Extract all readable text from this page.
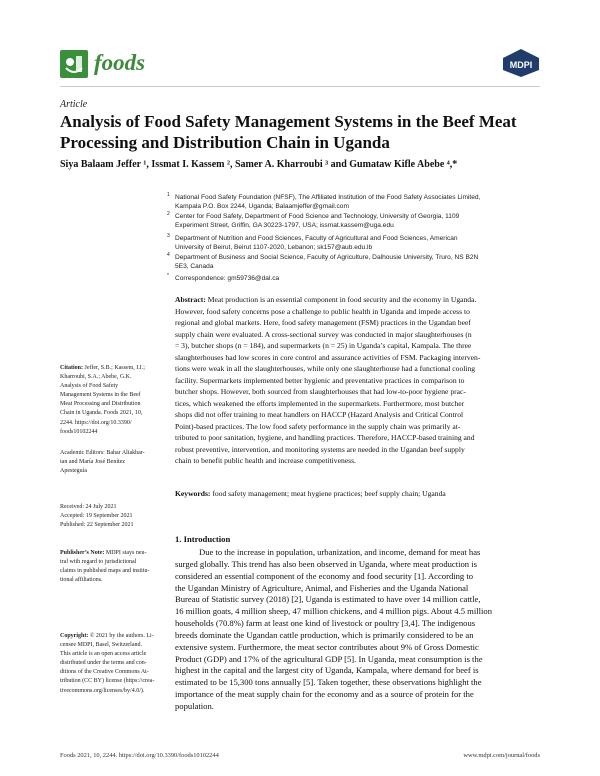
foods	MDPI
Article
Analysis of Food Safety Management Systems in the Beef Meat
Processing and Distribution Chain in Uganda
Siya Balaam Jeffer ¹, Issmat I. Kassem ², Samer A. Kharroubi ³ and Gumataw Kifle Abebe ⁴,*
1 National Food Safety Foundation (NFSF), The Affiliated Institution of the Food Safety Associates Limited,
Kampala P.O. Box 2244, Uganda; Balaamjeffer@gmail.com
2 Center for Food Safety, Department of Food Science and Technology, University of Georgia, 1109
Experiment Street, Griffin, GA 30223-1797, USA; issmat.kassem@uga.edu
3 Department of Nutrition and Food Sciences, Faculty of Agricultural and Food Sciences, American
University of Beirut, Beirut 1107-2020, Lebanon; sk157@aub.edu.lb
4 Department of Business and Social Science, Faculty of Agriculture, Dalhousie University, Truro, NS B2N
5E3, Canada
* Correspondence: gm59736@dal.ca
Abstract: Meat production is an essential component in food security and the economy in Uganda.
However, food safety concerns pose a challenge to public health in Uganda and impede access to
regional and global markets. Here, food safety management (FSM) practices in the Ugandan beef
supply chain were evaluated. A cross-sectional survey was conducted in major slaughterhouses (n
= 3), butcher shops (n = 184), and supermarkets (n = 25) in Uganda’s capital, Kampala. The three
slaughterhouses had low scores in core control and assurance activities of FSM. Packaging interven-
tions were weak in all the slaughterhouses, while only one slaughterhouse had a functional cooling
facility. Supermarkets implemented better hygienic and preventative practices in comparison to
butcher shops. However, both sourced from slaughterhouses that had low-to-poor hygiene prac-
tices, which weakened the efforts implemented in the supermarkets. Furthermore, most butcher
shops did not offer training to meat handlers on HACCP (Hazard Analysis and Critical Control
Point)-based practices. The low food safety performance in the supply chain was primarily at-
tributed to poor sanitation, hygiene, and handling practices. Therefore, HACCP-based training and
robust preventive, intervention, and monitoring systems are needed in the Ugandan beef supply
chain to benefit public health and increase competitiveness.
Keywords: food safety management; meat hygiene practices; beef supply chain; Uganda
Citation: Jeffer, S.B.; Kassem, I.I.;
Kharroubi, S.A.; Abebe, G.K.
Analysis of Food Safety
Management Systems in the Beef
Meat Processing and Distribution
Chain in Uganda. Foods 2021, 10,
2244. https://doi.org/10.3390/
foods10102244
Academic Editors: Bahar Aliakbar-
ian and María José Benítez
Apesteguía
Received: 24 July 2021
Accepted: 19 September 2021
Published: 22 September 2021
Publisher’s Note: MDPI stays neu-
tral with regard to jurisdictional
claims in published maps and institu-
tional affiliations.
Copyright: © 2021 by the authors. Li-
censee MDPI, Basel, Switzerland.
This article is an open access article
distributed under the terms and con-
ditions of the Creative Commons At-
tribution (CC BY) license (https://crea-
tivecommons.org/licenses/by/4.0/).
1. Introduction
Due to the increase in population, urbanization, and income, demand for meat has
surged globally. This trend has also been observed in Uganda, where meat production is
considered an essential component of the economy and food security [1]. According to
the Ugandan Ministry of Agriculture, Animal, and Fisheries and the Uganda National
Bureau of Statistic survey (2018) [2], Uganda is estimated to have over 14 million cattle,
16 million goats, 4 million sheep, 47 million chickens, and 4 million pigs. About 4.5 million
households (70.8%) farm at least one kind of livestock or poultry [3,4]. The indigenous
breeds dominate the Ugandan cattle production, which is primarily considered to be an
extensive system. Furthermore, the meat sector contributes about 9% of Gross Domestic
Product (GDP) and 17% of the agricultural GDP [5]. In Uganda, meat consumption is the
highest in the capital and the largest city of Uganda, Kampala, where demand for beef is
estimated to be 15,300 tons annually [5]. Taken together, these observations highlight the
importance of the meat supply chain for the economy and as a source of protein for the
population.
Foods 2021, 10, 2244. https://doi.org/10.3390/foods10102244	www.mdpi.com/journal/foods
